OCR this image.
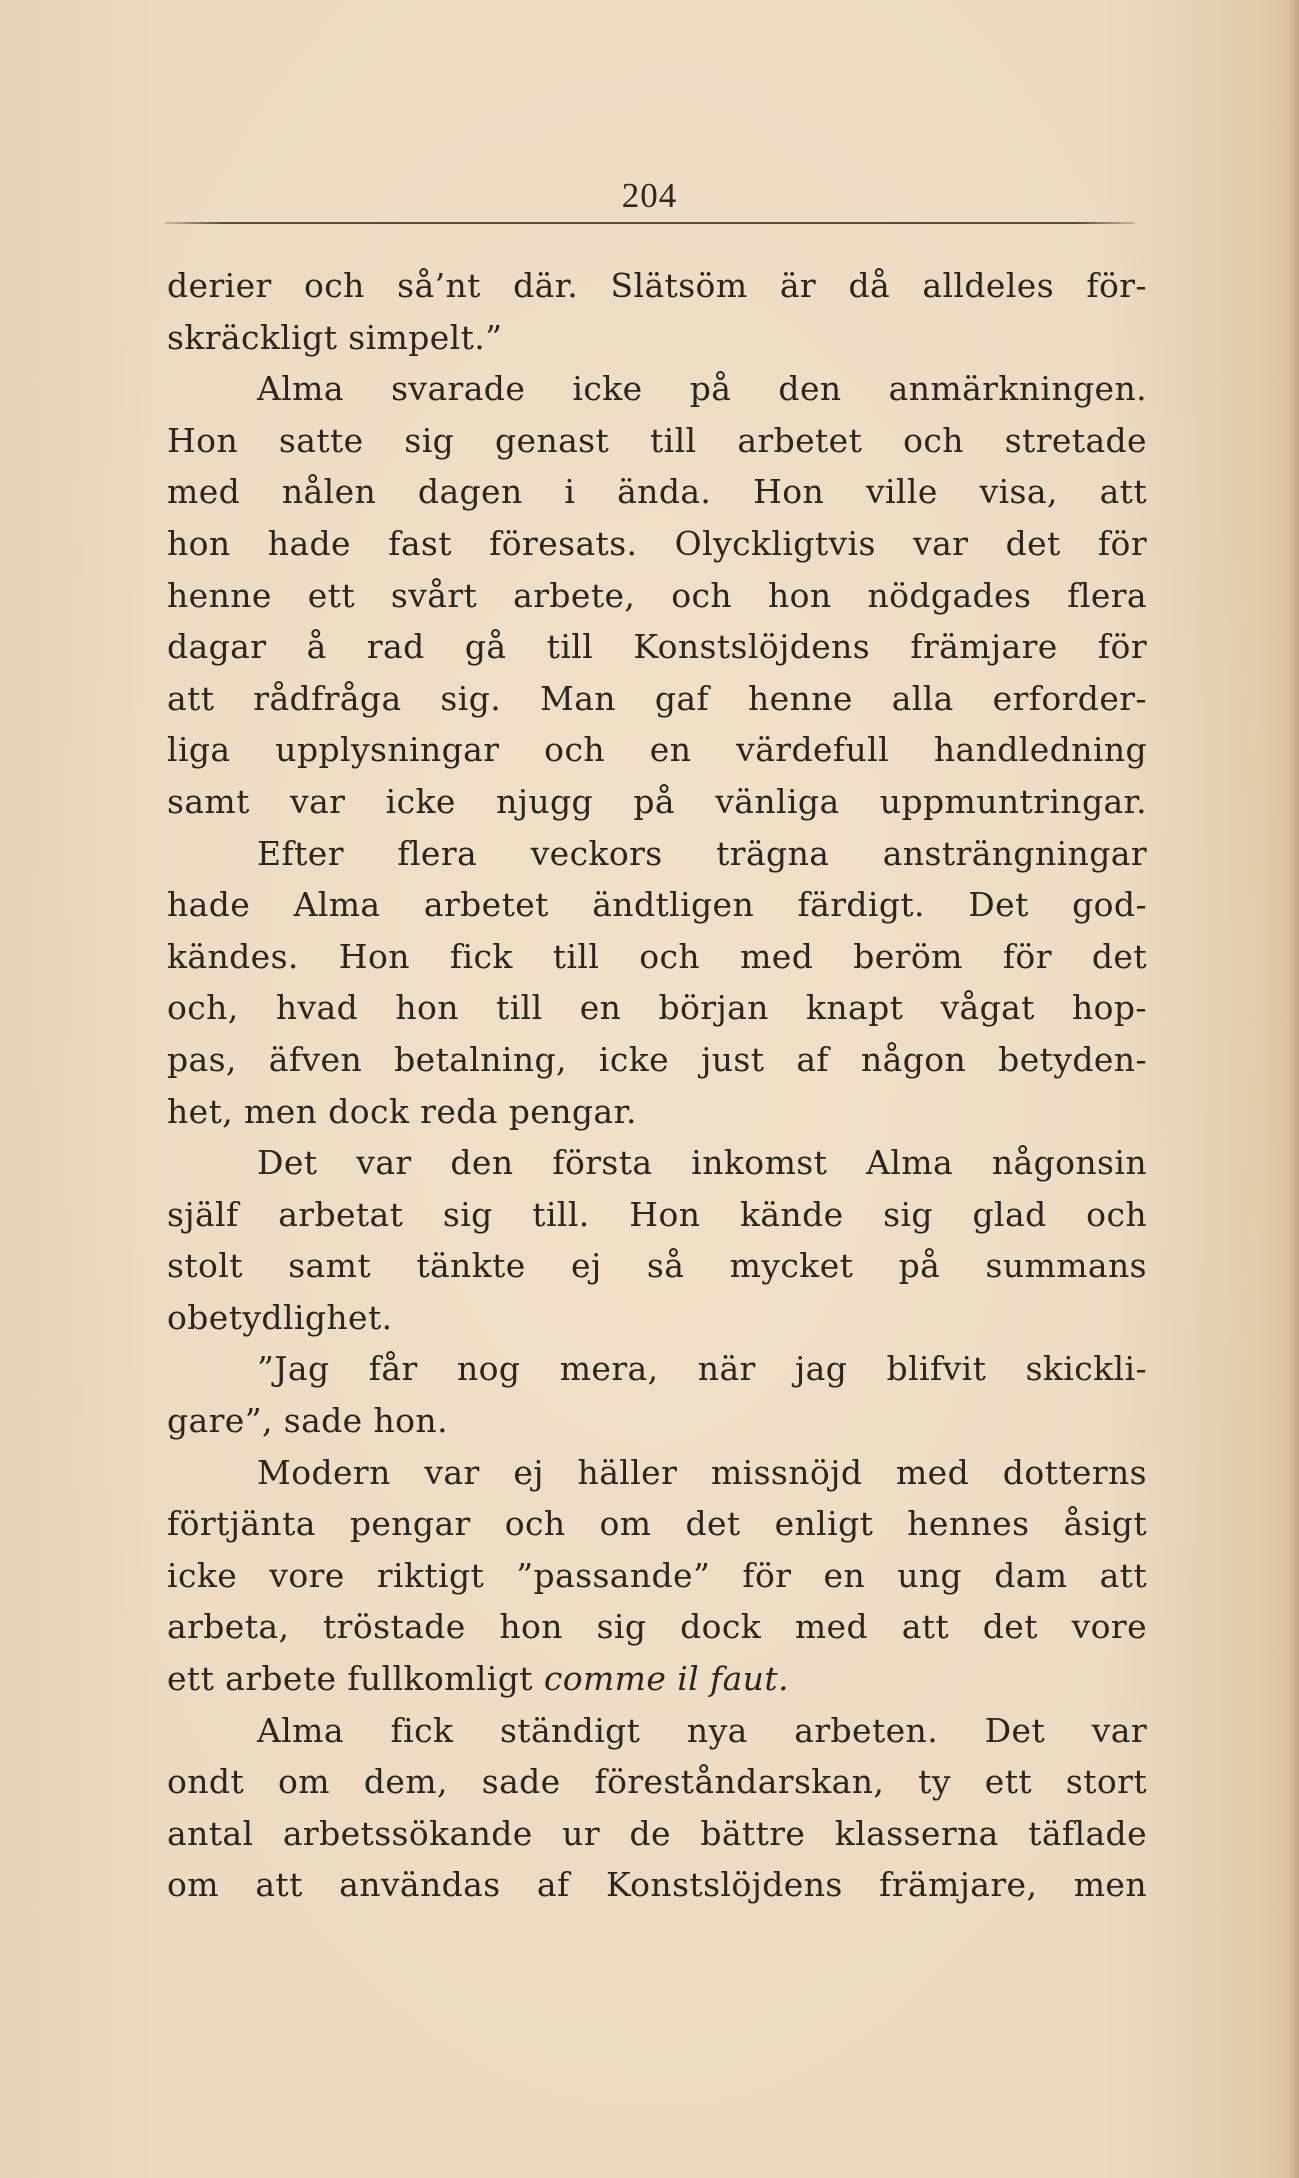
204
derier och så’nt där. Slätsöm är då alldeles för-
skräckligt simpelt.”
Alma svarade icke på den anmärkningen.
Hon satte sig genast till arbetet och stretade
med nålen dagen i ända. Hon ville visa, att
hon hade fast föresats. Olyckligtvis var det för
henne ett svårt arbete, och hon nödgades flera
dagar å rad gå till Konstslöjdens främjare för
att rådfråga sig. Man gaf henne alla erforder-
liga upplysningar och en värdefull handledning
samt var icke njugg på vänliga uppmuntringar.
Efter flera veckors trägna ansträngningar
hade Alma arbetet ändtligen färdigt. Det god-
kändes. Hon fick till och med beröm för det
och, hvad hon till en början knapt vågat hop-
pas, äfven betalning, icke just af någon betyden-
het, men dock reda pengar.
Det var den första inkomst Alma någonsin
själf arbetat sig till. Hon kände sig glad och
stolt samt tänkte ej så mycket på summans
obetydlighet.
”Jag får nog mera, när jag blifvit skickli-
gare”, sade hon.
Modern var ej häller missnöjd med dotterns
förtjänta pengar och om det enligt hennes åsigt
icke vore riktigt ”passande” för en ung dam att
arbeta, tröstade hon sig dock med att det vore
ett arbete fullkomligt comme il faut.
Alma fick ständigt nya arbeten. Det var
ondt om dem, sade föreståndarskan, ty ett stort
antal arbetssökande ur de bättre klasserna täflade
om att användas af Konstslöjdens främjare, men
